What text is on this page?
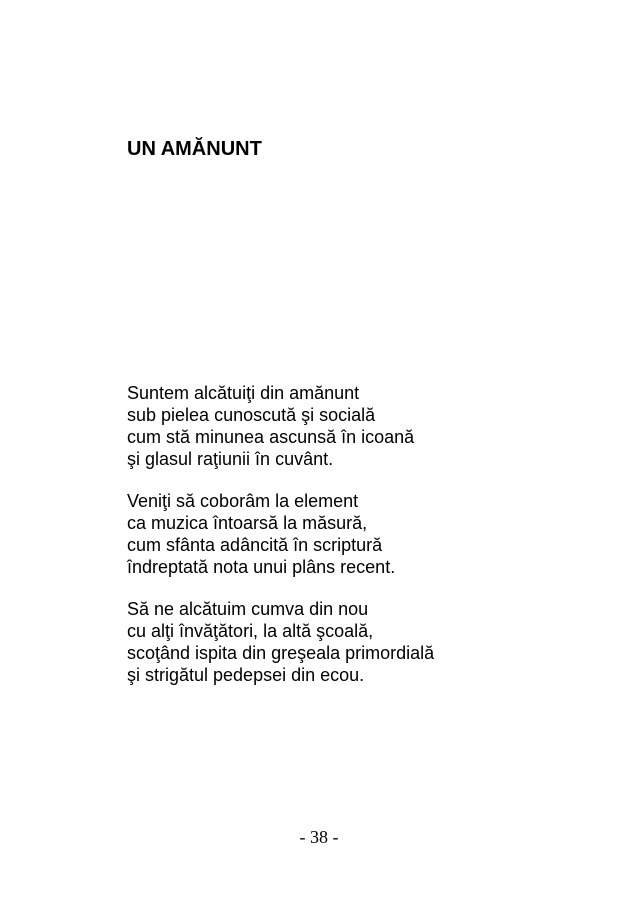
UN AMĂNUNT

Suntem alcătuiţi din amănunt
sub pielea cunoscută şi socială
cum stă minunea ascunsă în icoană
şi glasul raţiunii în cuvânt.

Veniţi să coborâm la element
ca muzica întoarsă la măsură,
cum sfânta adâncită în scriptură
îndreptată nota unui plâns recent.

Să ne alcătuim cumva din nou
cu alţi învăţători, la altă şcoală,
scoţând ispita din greşeala primordială
şi strigătul pedepsei din ecou.

- 38 -
